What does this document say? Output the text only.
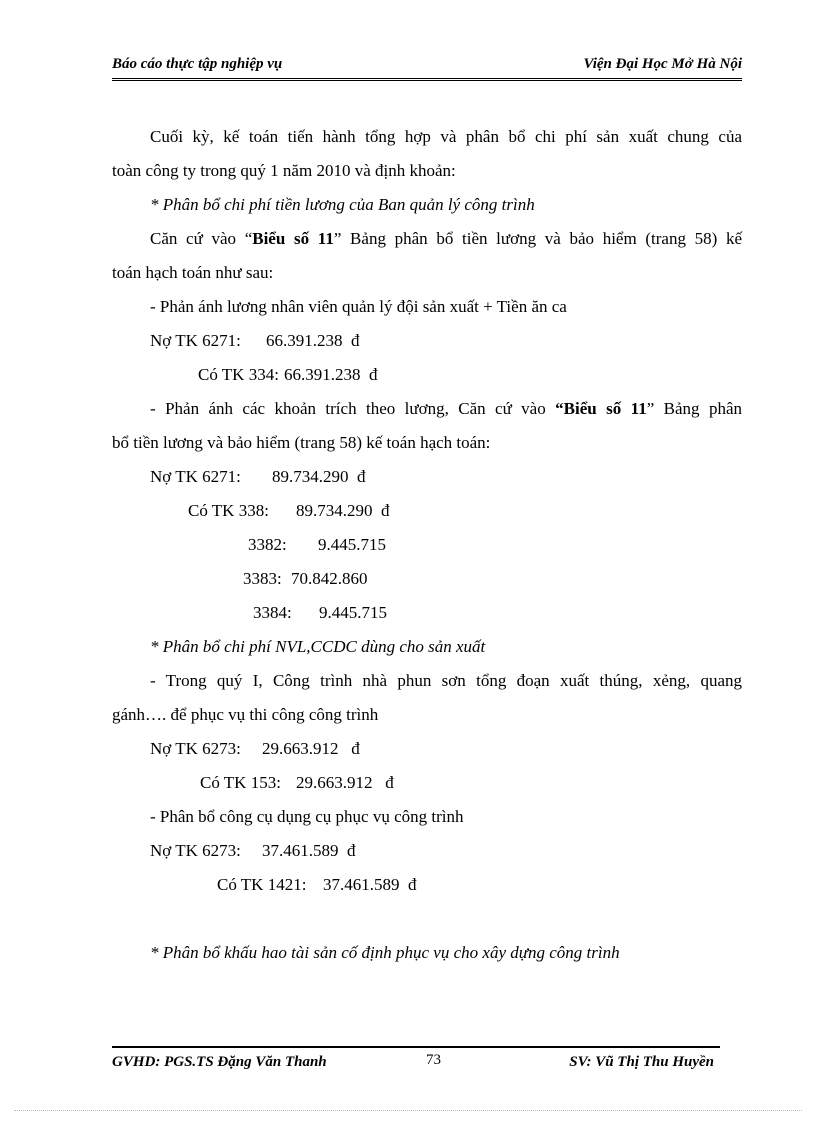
Báo cáo thực tập nghiệp vụ	Viện Đại Học Mở Hà Nội

Cuối kỳ, kế toán tiến hành tổng hợp và phân bổ chi phí sản xuất chung của

toàn công ty trong quý 1 năm 2010 và định khoản:

* Phân bổ chi phí tiền lương của Ban quản lý công trình

Căn cứ vào “Biểu số 11” Bảng phân bổ tiền lương và bảo hiểm (trang 58) kế

toán hạch toán như sau:

- Phản ánh lương nhân viên quản lý đội sản xuất + Tiền ăn ca

Nợ TK 6271: 66.391.238 đ

Có TK 334: 66.391.238 đ

- Phản ánh các khoản trích theo lương, Căn cứ vào “Biểu số 11” Bảng phân

bổ tiền lương và bảo hiểm (trang 58) kế toán hạch toán:

Nợ TK 6271: 89.734.290 đ

Có TK 338: 89.734.290 đ

3382: 9.445.715

3383: 70.842.860

3384: 9.445.715

* Phân bổ chi phí NVL,CCDC dùng cho sản xuất

- Trong quý I, Công trình nhà phun sơn tổng đoạn xuất thúng, xẻng, quang

gánh…. để phục vụ thi công công trình

Nợ TK 6273: 29.663.912 đ

Có TK 153: 29.663.912 đ

- Phân bổ công cụ dụng cụ phục vụ công trình

Nợ TK 6273: 37.461.589 đ

Có TK 1421: 37.461.589 đ

* Phân bổ khấu hao tài sản cố định phục vụ cho xây dựng công trình

GVHD: PGS.TS Đặng Văn Thanh	73	SV: Vũ Thị Thu Huyền
